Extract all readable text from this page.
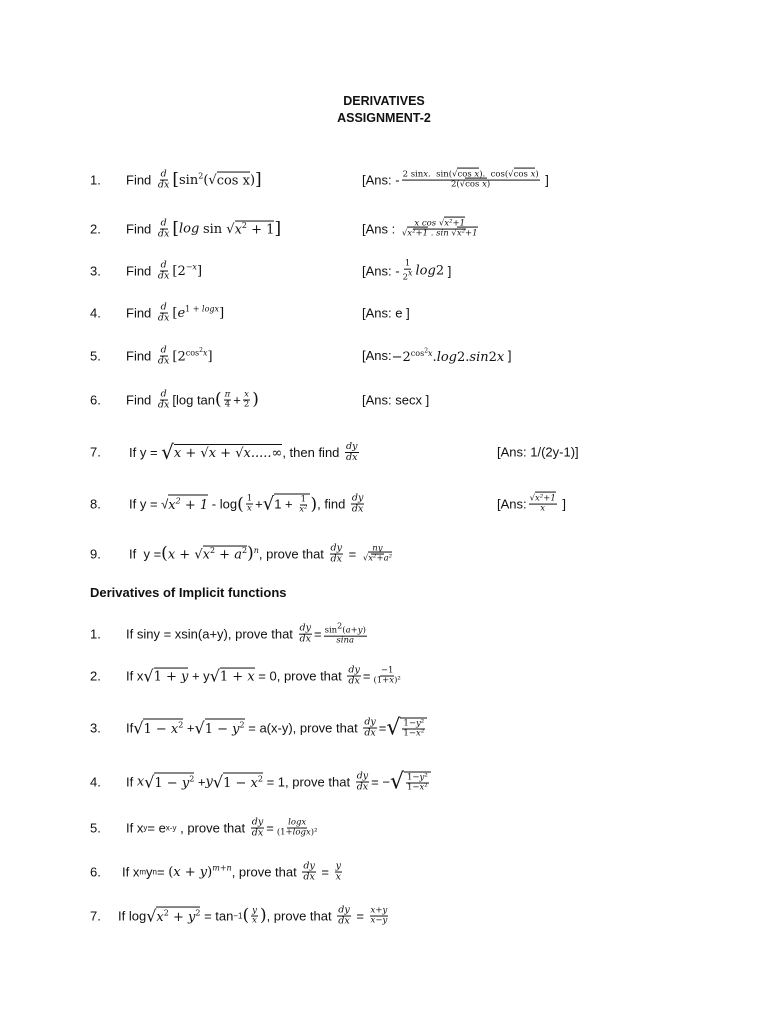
DERIVATIVES
ASSIGNMENT-2
1. Find
$\frac{d}{dx}$ [ $\sin^2(√\cos$ x) ]	[Ans: - $\frac{\text{2 sinx.  sin(√cos x).  cos(√cos x)}}{\text{2(√cos x)}}$ ]
2. Find
$\frac{d}{dx}$ [ log
$\sin √x^2 + 1$ ]	[Ans :
$\frac{\text{x cos √x²+1}}{\text{√x²+1 . sin √x²+1}}$
3. Find
$\frac{d}{dx} [2^{-x}]$	[Ans: - $\frac{1}{2x}$ log 2 ]
4. Find
$\frac{d}{dx} [e^{1 + logx}]$	[Ans: e ]
5. Find
$\frac{d}{dx} [2^{cos^2x}]$	[Ans: $-2^{cos^2x}.\log 2.\sin 2x$ ]
6. Find
$\frac{d}{dx} [\log$ tan ( $\frac{\pi}{4} + \frac{x}{2}$ )	[Ans: secx ]
7. If y = √ x + √x + √x.....∞ , then find
$\frac{dy}{dx}$	[Ans: 1/(2y-1)]
8. If y = √ $x^2 + 1 - \log$ ( $\frac{1}{x}$ + √ $1 + \frac{1}{\text{x²}}$ ) , find
$\frac{dy}{dx}$	[Ans: $\frac{\text{√x²+1}}{x}$ ]
9. If $y = (x + √x^2 + a^2)^n$ , prove that
$\frac{dy}{dx} = \frac{ny}{\text{√x²+a²}}$
Derivatives of Implicit functions
1. If siny = xsin(a+y), prove that
$\frac{dy}{dx} = \frac{\sin 2(a+y)}{\sin a}$
2. If x √ 1 + y + y √ 1 + x = 0 , prove that
$\frac{dy}{dx} = \frac{-1}{\text{(1+x)²}}$
3. If √ $1 - x^2$ + √ $1 - y^2$
= a(x-y), prove that
$\frac{dy}{dx}$ = √ $\frac{\text{1−y²}}{\text{1−x²}}$
4. If
x √ $1 - y^2 + y$ √ $1 - x^2$
= 1, prove that
$\frac{dy}{dx}$ = − √ $\frac{\text{1−y²}}{\text{1−x²}}$
5. If x y = e x-y
, prove that
$\frac{dy}{dx} = \frac{\log x}{\text{(1+logx)²}}$
6. If x m y $n = (x + y)^{m+n}$ , prove that
$\frac{dy}{dx} = \frac{y}{x}$
7. If log √ $x^2 + y^2 = \tan -1$ ( $\frac{y}{x}$ ) , prove that
$\frac{dy}{dx} = \frac{x+y}{x-y}$
